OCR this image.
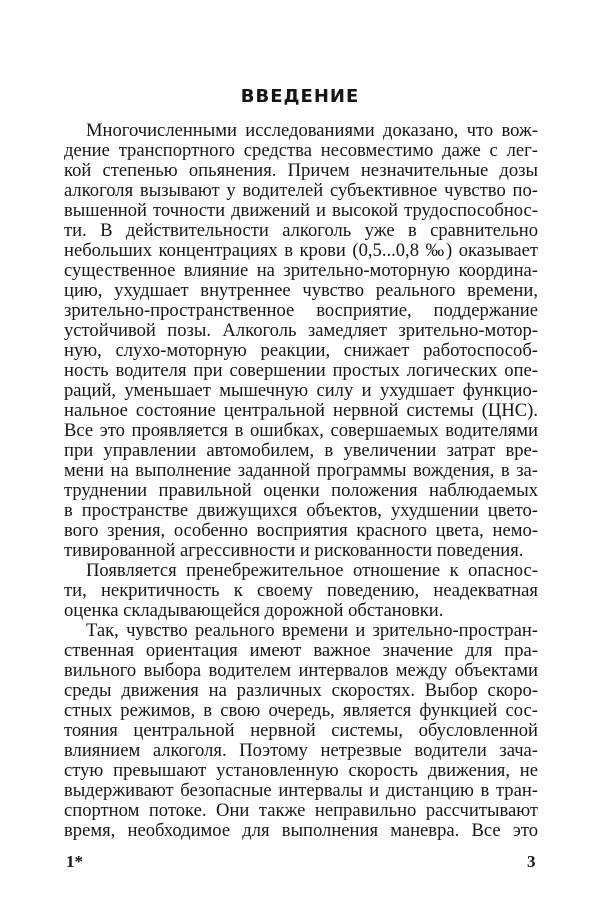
ВВЕДЕНИЕ
Многочисленными исследованиями доказано, что вож-
дение транспортного средства несовместимо даже с лег-
кой степенью опьянения. Причем незначительные дозы
алкоголя вызывают у водителей субъективное чувство по-
вышенной точности движений и высокой трудоспособнос-
ти. В действительности алкоголь уже в сравнительно
небольших концентрациях в крови (0,5...0,8 ‰) оказывает
существенное влияние на зрительно-моторную координа-
цию, ухудшает внутреннее чувство реального времени,
зрительно-пространственное восприятие, поддержание
устойчивой позы. Алкоголь замедляет зрительно-мотор-
ную, слухо-моторную реакции, снижает работоспособ-
ность водителя при совершении простых логических опе-
раций, уменьшает мышечную силу и ухудшает функцио-
нальное состояние центральной нервной системы (ЦНС).
Все это проявляется в ошибках, совершаемых водителями
при управлении автомобилем, в увеличении затрат вре-
мени на выполнение заданной программы вождения, в за-
труднении правильной оценки положения наблюдаемых
в пространстве движущихся объектов, ухудшении цвето-
вого зрения, особенно восприятия красного цвета, немо-
тивированной агрессивности и рискованности поведения.
Появляется пренебрежительное отношение к опаснос-
ти, некритичность к своему поведению, неадекватная
оценка складывающейся дорожной обстановки.
Так, чувство реального времени и зрительно-простран-
ственная ориентация имеют важное значение для пра-
вильного выбора водителем интервалов между объектами
среды движения на различных скоростях. Выбор скоро-
стных режимов, в свою очередь, является функцией сос-
тояния центральной нервной системы, обусловленной
влиянием алкоголя. Поэтому нетрезвые водители зача-
стую превышают установленную скорость движения, не
выдерживают безопасные интервалы и дистанцию в тран-
спортном потоке. Они также неправильно рассчитывают
время, необходимое для выполнения маневра. Все это
1*	3
